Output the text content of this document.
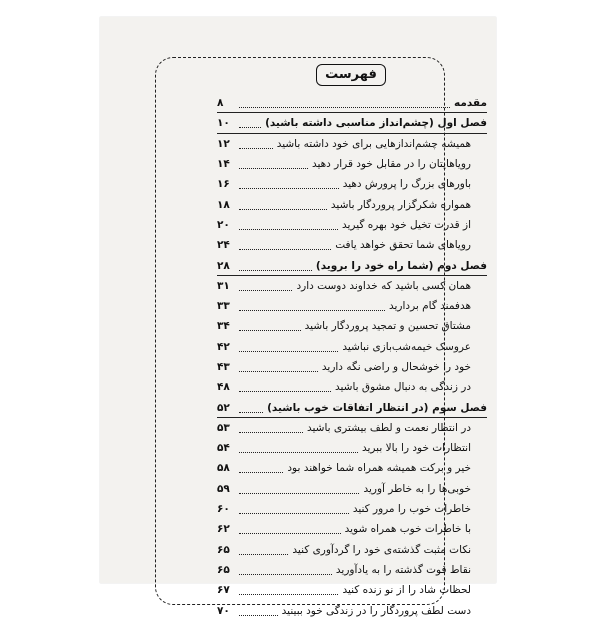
فهرست
مقدمه
۸
فصل اول (چشم‌انداز مناسبی داشته باشید)
۱۰
همیشه چشم‌اندازهایی برای خود داشته باشید
۱۲
رویاهایتان را در مقابل خود قرار دهید
۱۴
باورهای بزرگ را پرورش دهید
۱۶
همواره شکرگزار پروردگار باشید
۱۸
از قدرت تخیل خود بهره گیرید
۲۰
رویاهای شما تحقق خواهد یافت
۲۴
فصل دوم (شما راه خود را بروید)
۲۸
همان کسی باشید که خداوند دوست دارد
۳۱
هدفمند گام بردارید
۳۳
مشتاق تحسین و تمجید پروردگار باشید
۳۴
عروسک خیمه‌شب‌بازی نباشید
۴۲
خود را خوشحال و راضی نگه دارید
۴۳
در زندگی به دنبال مشوق باشید
۴۸
فصل سوم (در انتظار اتفاقات خوب باشید)
۵۲
در انتظار نعمت و لطف بیشتری باشید
۵۳
انتظارات خود را بالا ببرید
۵۴
خیر و برکت همیشه همراه شما خواهند بود
۵۸
خوبی‌ها را به خاطر آورید
۵۹
خاطرات خوب را مرور کنید
۶۰
با خاطرات خوب همراه شوید
۶۲
نکات مثبت گذشته‌ی خود را گردآوری کنید
۶۵
نقاط قوت گذشته را به یادآورید
۶۵
لحظات شاد را از نو زنده کنید
۶۷
دست لطف پروردگار را در زندگی خود ببینید
۷۰
